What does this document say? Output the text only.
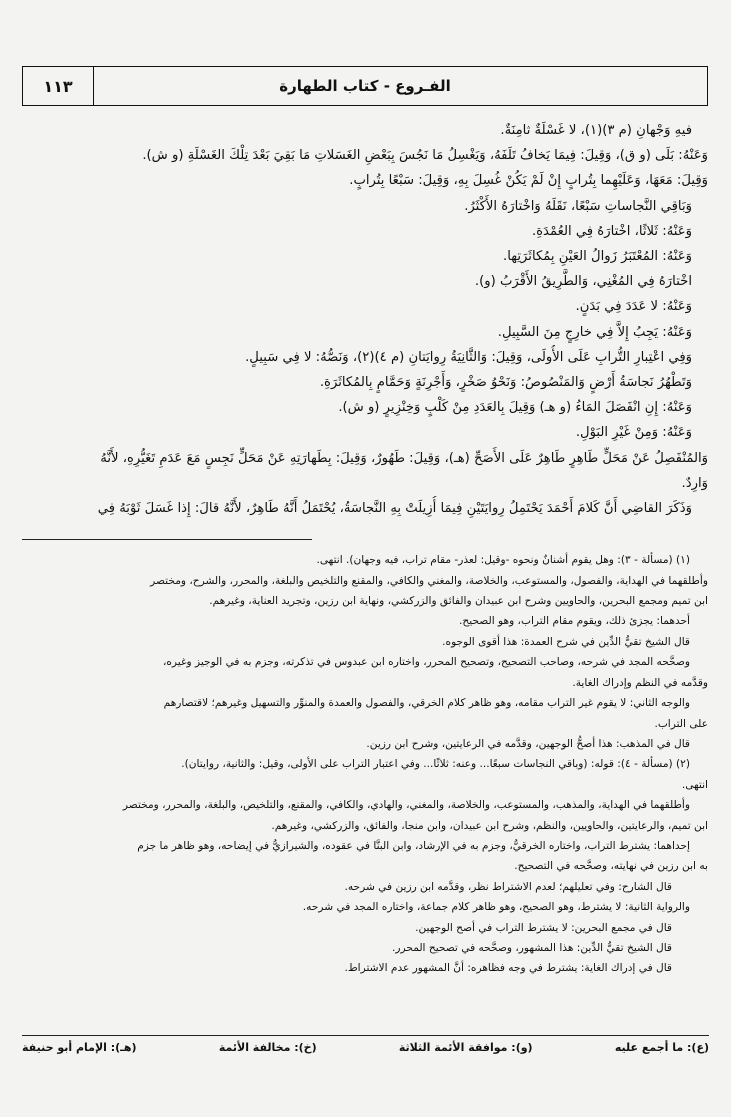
الفـروع - كتاب الطهارة
١١٣

فيهِ وَجْهانِ (م ٣)(١)، لا غَسْلَةٌ ثامِنَةٌ.

وَعَنْهُ: بَلَى (و ق)، وَقِيلَ: فِيمَا يَخافُ تَلَفَهُ، وَيَغْسِلُ مَا نَجُسَ بِبَعْضِ الغَسَلاتِ مَا بَقِيَ بَعْدَ تِلْكَ الغَسْلَةِ (و ش).

وَقِيلَ: مَعَهَا، وَعَلَيْهِما بِتُرابٍ إِنْ لَمْ يَكُنْ غُسِلَ بِهِ، وَقِيلَ: سَبْعًا بِتُرابٍ.

وَبَاقِي النَّجاساتِ سَبْعًا، نَقَلَهُ وَاخْتارَهُ الأَكْثَرُ.

وَعَنْهُ: ثَلاثًا، اخْتارَهُ فِي العُمْدَةِ.

وَعَنْهُ: المُعْتَبَرُ زَوالُ العَيْنِ بِمُكاثَرَتِها.

اخْتارَهُ فِي المُغْنِي، وَالطَّرِيقُ الأَقْرَبُ (و).

وَعَنْهُ: لا عَدَدَ فِي بَدَنٍ.

وَعَنْهُ: يَجِبُ إِلاَّ فِي خارِجٍ مِنَ السَّبِيلِ.

وَفِي اعْتِبارِ التُّرابِ عَلَى الأُولَى، وَقِيلَ: وَالثَّانِيَةُ رِوايَتانِ (م ٤)(٢)، وَنَصُّهُ: لا فِي سَبِيلٍ.

وَتَطْهُرُ نَجاسَةُ أَرْضٍ وَالمَنْصُوصُ: وَنَحْوُ صَخْرٍ، وَأَجْرِنَةٍ وَحَمَّامٍ بِالمُكاثَرَةِ.

وَعَنْهُ: إِنِ انْفَصَلَ المَاءُ (و هـ) وَقِيلَ بِالعَدَدِ مِنْ كَلْبٍ وَخِنْزِيرٍ (و ش).

وَعَنْهُ: وَمِنْ غَيْرِ البَوْلِ.

وَالمُنْفَصِلُ عَنْ مَحَلٍّ طَاهِرٍ طَاهِرٌ عَلَى الأَصَحِّ (هـ)، وَقِيلَ: طَهُورٌ، وَقِيلَ: بِطَهارَتِهِ عَنْ مَحَلٍّ نَجِسٍ مَعَ عَدَمِ تَغَيُّرِهِ، لأَنَّهُ

وَارِدٌ.

وَذَكَرَ القاضِي أَنَّ كَلامَ أَحْمَدَ يَحْتَمِلُ رِوايَتَيْنِ فِيمَا أُزِيلَتْ بِهِ النَّجاسَةُ، يُحْتَمَلُ أَنَّهُ طَاهِرٌ، لأَنَّهُ قالَ: إِذا غَسَلَ ثَوْبَهُ فِي

(١) (مسألة - ٣): وهل يقوم أشنانٌ ونحوه -وقيل: لعذر- مقام تراب، فيه وجهان). انتهى.

وأطلقهما في الهداية، والفصول، والمستوعب، والخلاصة، والمغني والكافي، والمقنع والتلخيص والبلغة، والمحرر، والشرح، ومختصر

ابن تميم ومجمع البحرين، والحاويين وشرح ابن عبيدان والفائق والزركشي، ونهاية ابن رزين، وتجريد العناية، وغيرهم.

أحدهما: يجزئ ذلك، ويقوم مقام التراب، وهو الصحيح.

قال الشيخ تقيُّ الدِّين في شرح العمدة: هذا أقوى الوجوه.

وصحَّحه المجد في شرحه، وصاحب التصحيح، وتصحيح المحرر، واختاره ابن عبدوس في تذكرته، وجزم به في الوجيز وغيره،

وقدَّمه في النظم وإدراك الغاية.

والوجه الثاني: لا يقوم غير التراب مقامه، وهو ظاهر كلام الخرقي، والفصول والعمدة والمنوِّر والتسهيل وغيرهم؛ لاقتصارهم

على التراب.

قال في المذهب: هذا أصحُّ الوجهين، وقدَّمه في الرعايتين، وشرح ابن رزين.

(٢) (مسألة - ٤): قوله: (وباقي النجاسات سبعًا... وعنه: ثلاثًا... وفي اعتبار التراب على الأولى، وقيل: والثانية، روايتان).

انتهى.

وأطلقهما في الهداية، والمذهب، والمستوعب، والخلاصة، والمغني، والهادي، والكافي، والمقنع، والتلخيص، والبلغة، والمحرر، ومختصر

ابن تميم، والرعايتين، والحاويين، والنظم، وشرح ابن عبيدان، وابن منجا، والفائق، والزركشي، وغيرهم.

إحداهما: يشترط التراب، واختاره الخرقيُّ، وجزم به في الإرشاد، وابن البنَّا في عقوده، والشيرازيُّ في إيضاحه، وهو ظاهر ما جزم

به ابن رزين في نهايته، وصحَّحه في التصحيح.

قال الشارح: وفي تعليلهم؛ لعدم الاشتراط نظر، وقدَّمه ابن رزين في شرحه.

والرواية الثانية: لا يشترط، وهو الصحيح، وهو ظاهر كلام جماعة، واختاره المجد في شرحه.

قال في مجمع البحرين: لا يشترط التراب في أصح الوجهين.

قال الشيخ تقيُّ الدِّين: هذا المشهور، وصحَّحه في تصحيح المحرر.

قال في إدراك الغاية: يشترط في وجه فظاهره: أنَّ المشهور عدم الاشتراط.

(ع): ما أجمع عليه
(و): موافقة الأئمة الثلاثة
(خ): مخالفة الأئمة
(هـ): الإمام أبو حنيفة
